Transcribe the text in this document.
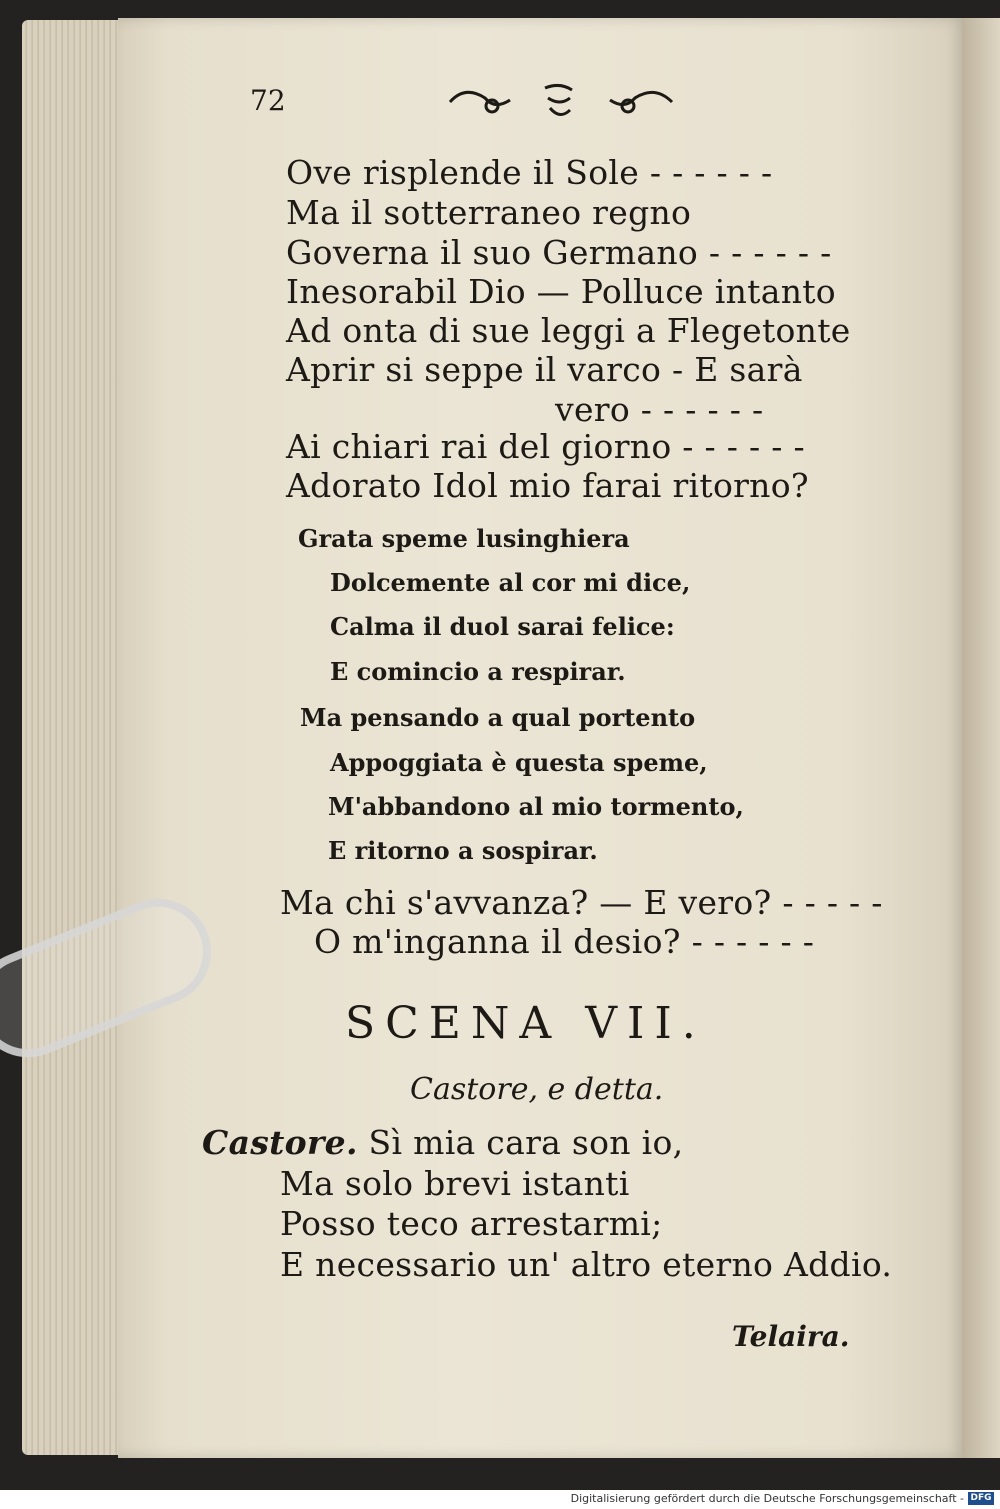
72
Ove risplende il Sole - - - - - -
Ma il sotterraneo regno
Governa il suo Germano - - - - - -
Inesorabil Dio — Polluce intanto
Ad onta di sue leggi a Flegetonte
Aprir si seppe il varco - E sarà
vero - - - - - -
Ai chiari rai del giorno - - - - - -
Adorato Idol mio farai ritorno?
Grata speme lusinghiera
Dolcemente al cor mi dice,
Calma il duol sarai felice:
E comincio a respirar.
Ma pensando a qual portento
Appoggiata è questa speme,
M'abbandono al mio tormento,
E ritorno a sospirar.
Ma chi s'avvanza? — E vero? - - - - -
O m'inganna il desio? - - - - - -
SCENA VII.
Castore, e detta.
Castore. Sì mia cara son io,
Ma solo brevi istanti
Posso teco arrestarmi;
E necessario un' altro eterno Addio.
Telaira.
Digitalisierung gefördert durch die Deutsche Forschungsgemeinschaft - DFG
